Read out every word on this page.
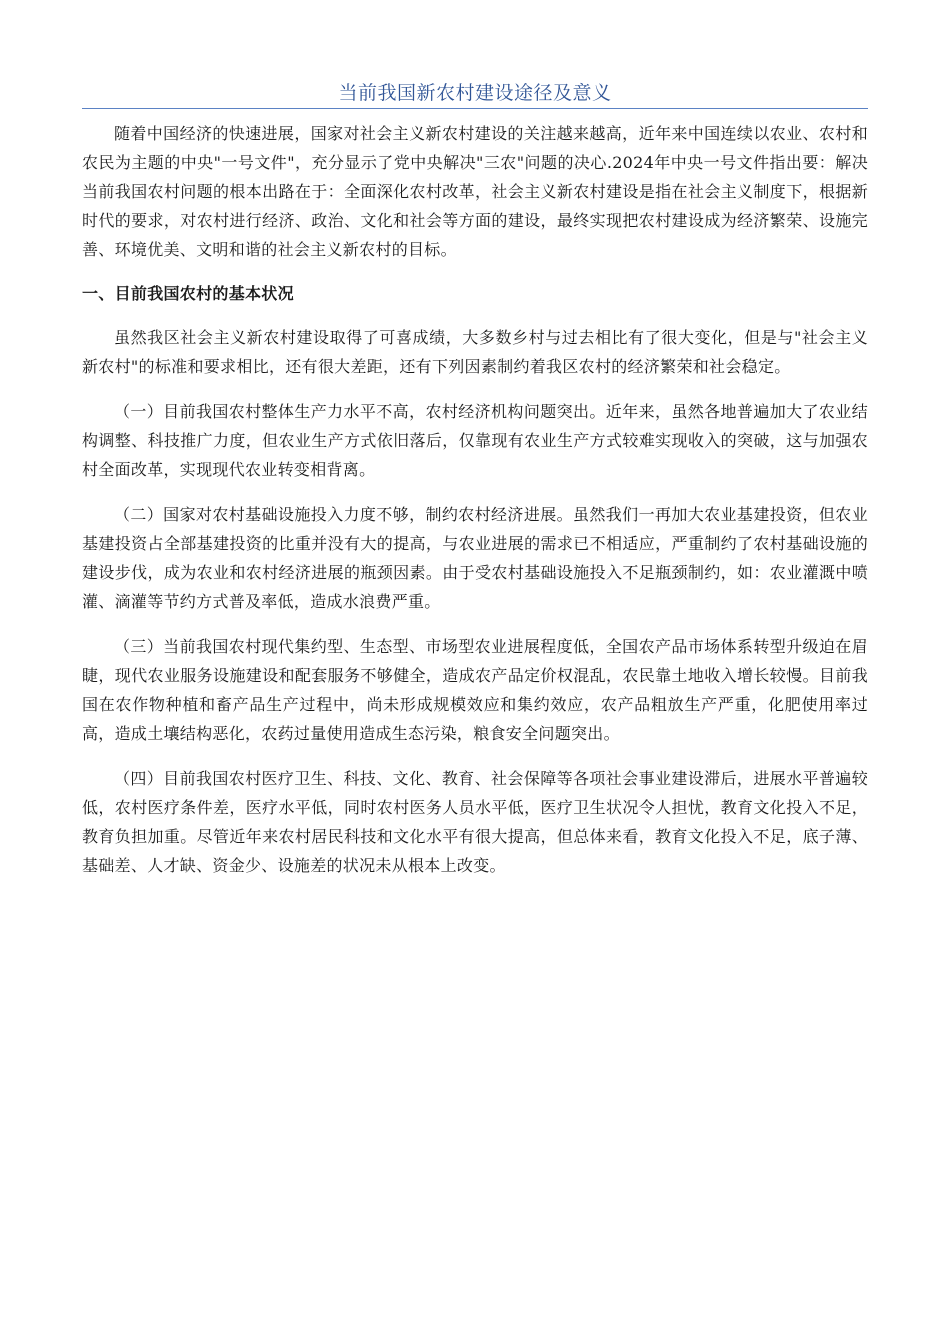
当前我国新农村建设途径及意义

随着中国经济的快速进展，国家对社会主义新农村建设的关注越来越高，近年来中国连续以农业、农村和农民为主题的中央"一号文件"，充分显示了党中央解决"三农"问题的决心.2024年中央一号文件指出要：解决当前我国农村问题的根本出路在于：全面深化农村改革，社会主义新农村建设是指在社会主义制度下，根据新时代的要求，对农村进行经济、政治、文化和社会等方面的建设，最终实现把农村建设成为经济繁荣、设施完善、环境优美、文明和谐的社会主义新农村的目标。

一、目前我国农村的基本状况

虽然我区社会主义新农村建设取得了可喜成绩，大多数乡村与过去相比有了很大变化，但是与"社会主义新农村"的标准和要求相比，还有很大差距，还有下列因素制约着我区农村的经济繁荣和社会稳定。

（一）目前我国农村整体生产力水平不高，农村经济机构问题突出。近年来，虽然各地普遍加大了农业结构调整、科技推广力度，但农业生产方式依旧落后，仅靠现有农业生产方式较难实现收入的突破，这与加强农村全面改革，实现现代农业转变相背离。

（二）国家对农村基础设施投入力度不够，制约农村经济进展。虽然我们一再加大农业基建投资，但农业基建投资占全部基建投资的比重并没有大的提高，与农业进展的需求已不相适应，严重制约了农村基础设施的建设步伐，成为农业和农村经济进展的瓶颈因素。由于受农村基础设施投入不足瓶颈制约，如：农业灌溉中喷灌、滴灌等节约方式普及率低，造成水浪费严重。

（三）当前我国农村现代集约型、生态型、市场型农业进展程度低，全国农产品市场体系转型升级迫在眉睫，现代农业服务设施建设和配套服务不够健全，造成农产品定价权混乱，农民靠土地收入增长较慢。目前我国在农作物种植和畜产品生产过程中，尚未形成规模效应和集约效应，农产品粗放生产严重，化肥使用率过高，造成土壤结构恶化，农药过量使用造成生态污染，粮食安全问题突出。

（四）目前我国农村医疗卫生、科技、文化、教育、社会保障等各项社会事业建设滞后，进展水平普遍较低，农村医疗条件差，医疗水平低，同时农村医务人员水平低，医疗卫生状况令人担忧，教育文化投入不足，教育负担加重。尽管近年来农村居民科技和文化水平有很大提高，但总体来看，教育文化投入不足，底子薄、基础差、人才缺、资金少、设施差的状况未从根本上改变。
